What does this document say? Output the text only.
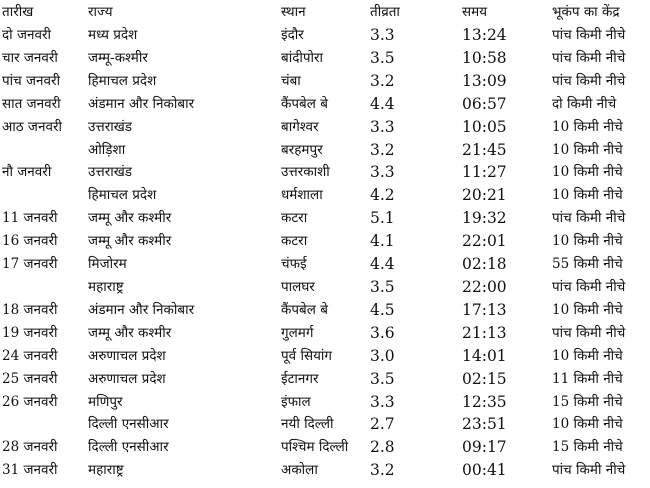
तारीख	राज्य	स्थान	तीव्रता	समय	भूकंप का केंद्र
दो जनवरी	मध्य प्रदेश	इंदौर	3.3	13:24	पांच किमी नीचे
चार जनवरी	जम्मू-कश्मीर	बांदीपोरा	3.5	10:58	पांच किमी नीचे
पांच जनवरी	हिमाचल प्रदेश	चंबा	3.2	13:09	पांच किमी नीचे
सात जनवरी	अंडमान और निकोबार	कैंपबेल बे	4.4	06:57	दो किमी नीचे
आठ जनवरी	उत्तराखंड	बागेश्वर	3.3	10:05	10 किमी नीचे
	ओड़िशा	बरहमपुर	3.2	21:45	10 किमी नीचे
नौ जनवरी	उत्तराखंड	उत्तरकाशी	3.3	11:27	10 किमी नीचे
	हिमाचल प्रदेश	धर्मशाला	4.2	20:21	10 किमी नीचे
11 जनवरी	जम्मू और कश्मीर	कटरा	5.1	19:32	पांच किमी नीचे
16 जनवरी	जम्मू और कश्मीर	कटरा	4.1	22:01	10 किमी नीचे
17 जनवरी	मिजोरम	चंफई	4.4	02:18	55 किमी नीचे
	महाराष्ट्र	पालघर	3.5	22:00	पांच किमी नीचे
18 जनवरी	अंडमान और निकोबार	कैंपबेल बे	4.5	17:13	10 किमी नीचे
19 जनवरी	जम्मू और कश्मीर	गुलमर्ग	3.6	21:13	पांच किमी नीचे
24 जनवरी	अरुणाचल प्रदेश	पूर्व सियांग	3.0	14:01	10 किमी नीचे
25 जनवरी	अरुणाचल प्रदेश	ईटानगर	3.5	02:15	11 किमी नीचे
26 जनवरी	मणिपुर	इंफाल	3.3	12:35	15 किमी नीचे
	दिल्ली एनसीआर	नयी दिल्ली	2.7	23:51	10 किमी नीचे
28 जनवरी	दिल्ली एनसीआर	पश्चिम दिल्ली	2.8	09:17	15 किमी नीचे
31 जनवरी	महाराष्ट्र	अकोला	3.2	00:41	पांच किमी नीचे
